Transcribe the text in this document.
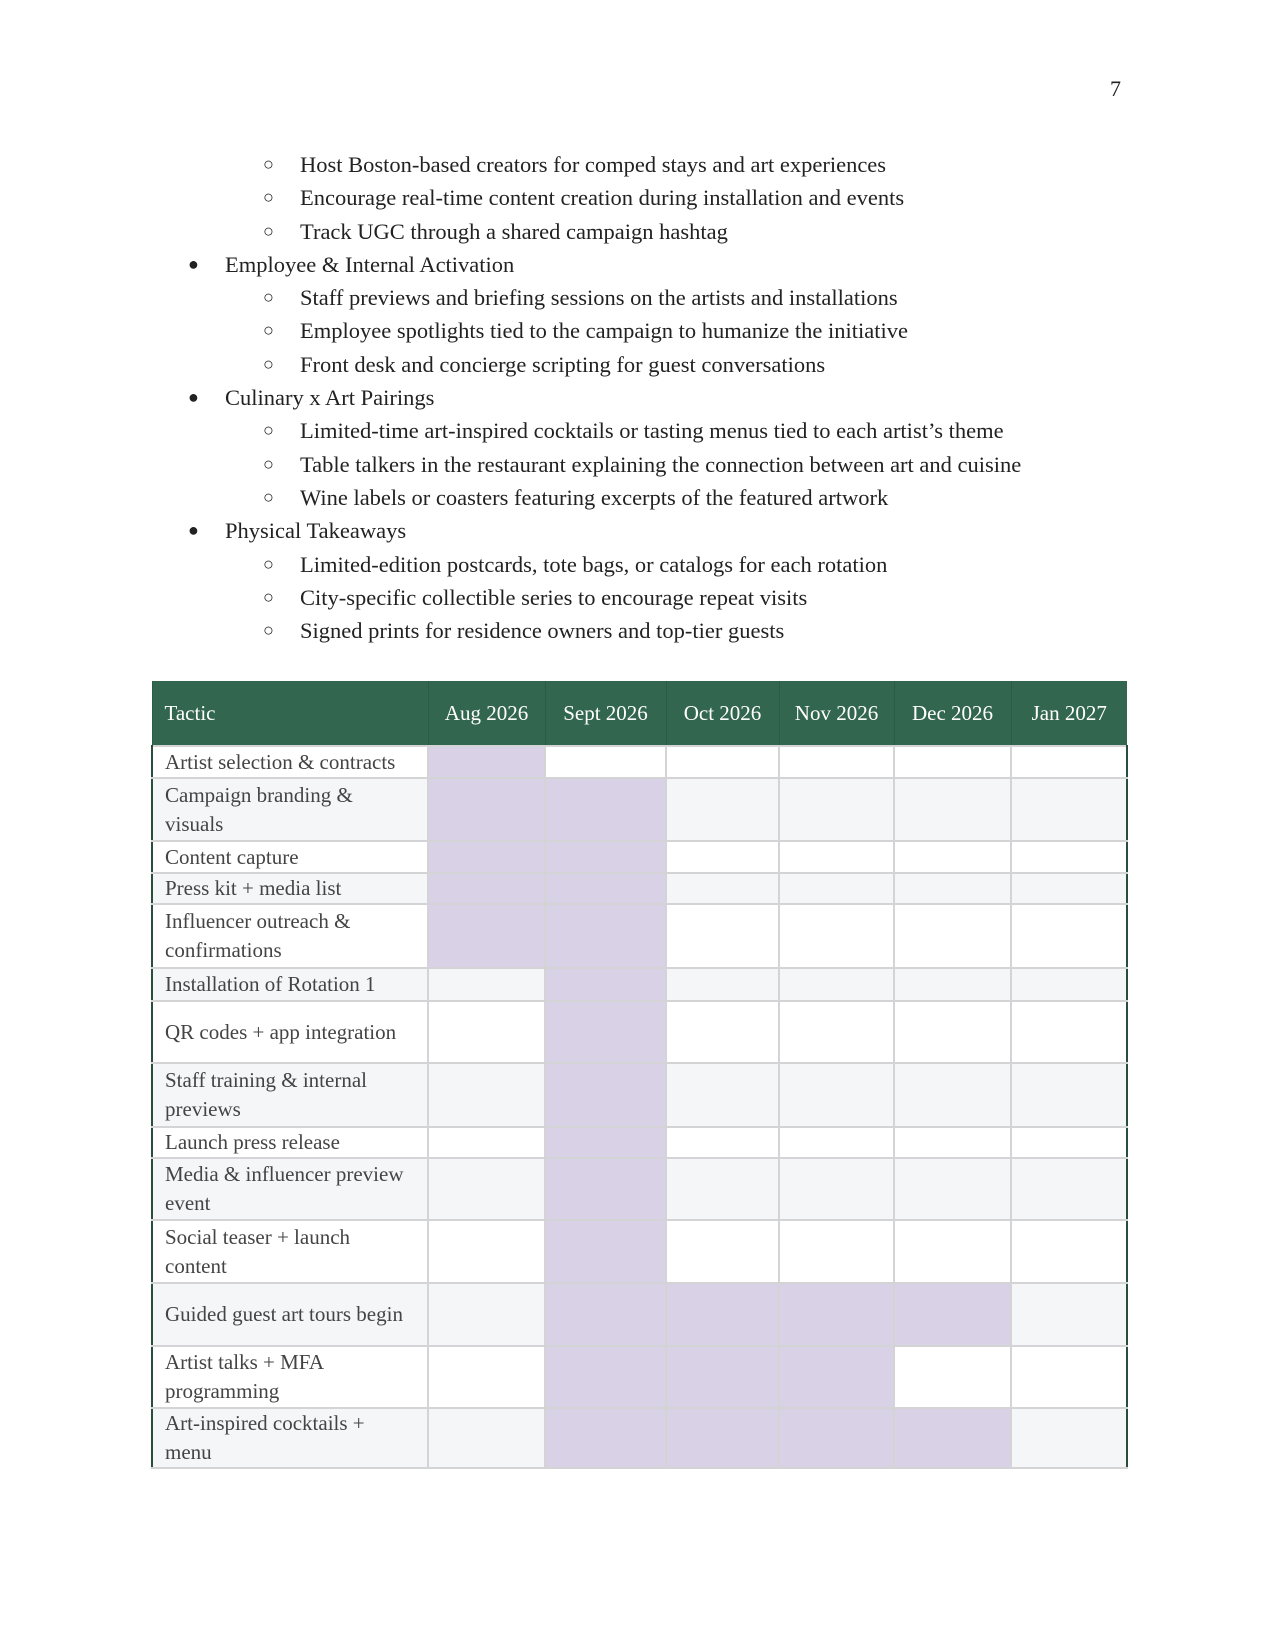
7
○ Host Boston-based creators for comped stays and art experiences
○ Encourage real-time content creation during installation and events
○ Track UGC through a shared campaign hashtag
● Employee & Internal Activation
○ Staff previews and briefing sessions on the artists and installations
○ Employee spotlights tied to the campaign to humanize the initiative
○ Front desk and concierge scripting for guest conversations
● Culinary x Art Pairings
○ Limited-time art-inspired cocktails or tasting menus tied to each artist’s theme
○ Table talkers in the restaurant explaining the connection between art and cuisine
○ Wine labels or coasters featuring excerpts of the featured artwork
● Physical Takeaways
○ Limited-edition postcards, tote bags, or catalogs for each rotation
○ City-specific collectible series to encourage repeat visits
○ Signed prints for residence owners and top-tier guests
Tactic	Aug 2026	Sept 2026	Oct 2026	Nov 2026	Dec 2026	Jan 2027
Artist selection & contracts						
Campaign branding & visuals						
Content capture						
Press kit + media list						
Influencer outreach & confirmations						
Installation of Rotation 1						
QR codes + app integration						
Staff training & internal previews						
Launch press release						
Media & influencer preview event						
Social teaser + launch content						
Guided guest art tours begin						
Artist talks + MFA programming						
Art-inspired cocktails + menu						
